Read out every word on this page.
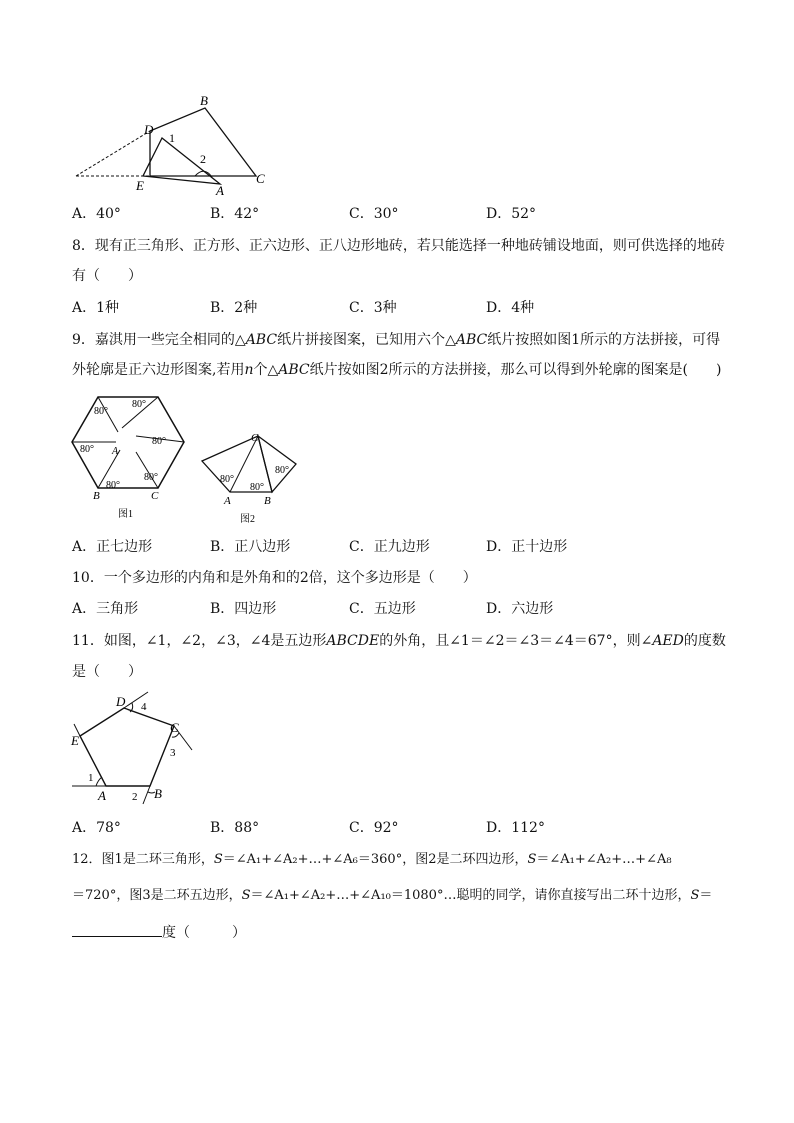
B
D
1
2
C
E	A
A．40°	B．42°	C．30°	D．52°
8．现有正三角形、正方形、正六边形、正八边形地砖，若只能选择一种地砖铺设地面，则可供选择的地砖
有（　　）
A．1种	B．2种	C．3种	D．4种
9．嘉淇用一些完全相同的△ABC纸片拼接图案，已知用六个△ABC纸片按照如图1所示的方法拼接，可得
外轮廓是正六边形图案,若用n个△ABC纸片按如图2所示的方法拼接，那么可以得到外轮廓的图案是(　　)
80°
80°
80°
80°
80°
80° A
B	C
图1
80°
80°
80°
C
A	B
图2
A．正七边形	B．正八边形	C．正九边形	D．正十边形
10．一个多边形的内角和是外角和的2倍，这个多边形是（　　）
A．三角形	B．四边形	C．五边形	D．六边形
11．如图，∠1，∠2，∠3，∠4是五边形ABCDE的外角，且∠1＝∠2＝∠3＝∠4＝67°，则∠AED的度数
是（　　）
D 4
C
E
3
1
A 2 B
A．78°	B．88°	C．92°	D．112°
12．图1是二环三角形，S＝∠A₁+∠A₂+…+∠A₆＝360°，图2是二环四边形，S＝∠A₁+∠A₂+…+∠A₈
＝720°，图3是二环五边形，S＝∠A₁+∠A₂+…+∠A₁₀＝1080°…聪明的同学，请你直接写出二环十边形，S＝
度（　　　）
